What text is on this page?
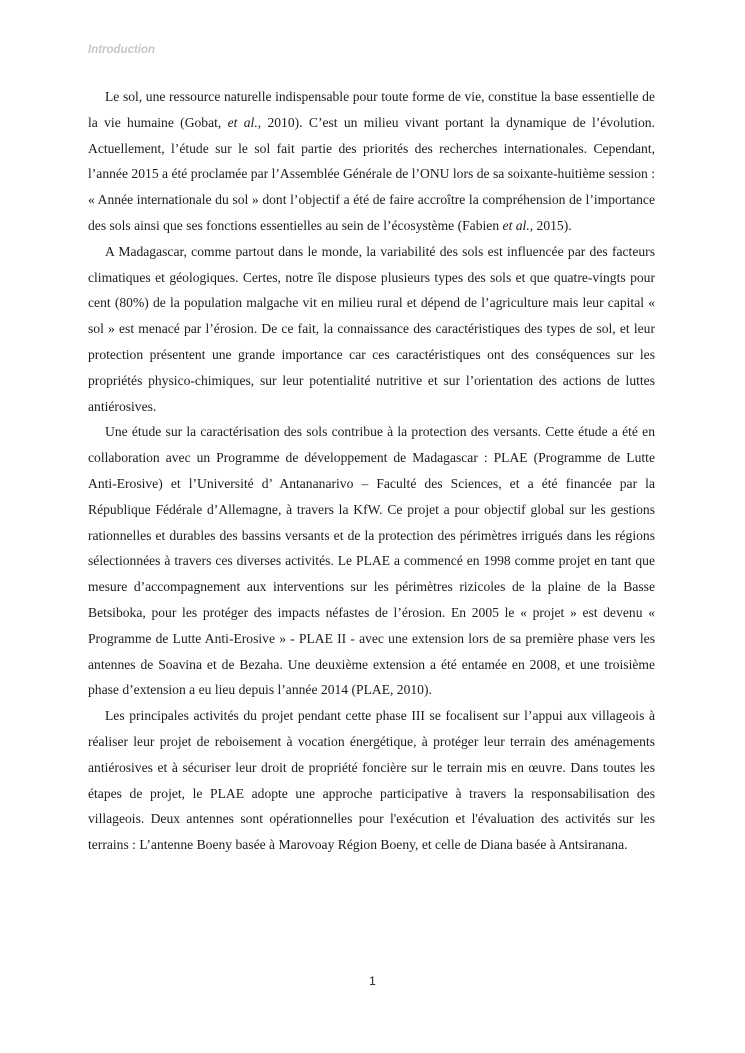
Introduction

Le sol, une ressource naturelle indispensable pour toute forme de vie, constitue la base essentielle de la vie humaine (Gobat, et al., 2010). C’est un milieu vivant portant la dynamique de l’évolution. Actuellement, l’étude sur le sol fait partie des priorités des recherches internationales. Cependant, l’année 2015 a été proclamée par l’Assemblée Générale de l’ONU lors de sa soixante-huitième session : « Année internationale du sol » dont l’objectif a été de faire accroître la compréhension de l’importance des sols ainsi que ses fonctions essentielles au sein de l’écosystème (Fabien et al., 2015).

A Madagascar, comme partout dans le monde, la variabilité des sols est influencée par des facteurs climatiques et géologiques. Certes, notre île dispose plusieurs types des sols et que quatre-vingts pour cent (80%) de la population malgache vit en milieu rural et dépend de l’agriculture mais leur capital « sol » est menacé par l’érosion. De ce fait, la connaissance des caractéristiques des types de sol, et leur protection présentent une grande importance car ces caractéristiques ont des conséquences sur les propriétés physico-chimiques, sur leur potentialité nutritive et sur l’orientation des actions de luttes antiérosives.

Une étude sur la caractérisation des sols contribue à la protection des versants. Cette étude a été en collaboration avec un Programme de développement de Madagascar : PLAE (Programme de Lutte Anti-Erosive) et l’Université d’ Antananarivo – Faculté des Sciences, et a été financée par la République Fédérale d’Allemagne, à travers la KfW. Ce projet a pour objectif global sur les gestions rationnelles et durables des bassins versants et de la protection des périmètres irrigués dans les régions sélectionnées à travers ces diverses activités. Le PLAE a commencé en 1998 comme projet en tant que mesure d’accompagnement aux interventions sur les périmètres rizicoles de la plaine de la Basse Betsiboka, pour les protéger des impacts néfastes de l’érosion. En 2005 le « projet » est devenu « Programme de Lutte Anti-Erosive » - PLAE II - avec une extension lors de sa première phase vers les antennes de Soavina et de Bezaha. Une deuxième extension a été entamée en 2008, et une troisième phase d’extension a eu lieu depuis l’année 2014 (PLAE, 2010).

Les principales activités du projet pendant cette phase III se focalisent sur l’appui aux villageois à réaliser leur projet de reboisement à vocation énergétique, à protéger leur terrain des aménagements antiérosives et à sécuriser leur droit de propriété foncière sur le terrain mis en œuvre. Dans toutes les étapes de projet, le PLAE adopte une approche participative à travers la responsabilisation des villageois. Deux antennes sont opérationnelles pour l'exécution et l'évaluation des activités sur les terrains : L’antenne Boeny basée à Marovoay Région Boeny, et celle de Diana basée à Antsiranana.

1
